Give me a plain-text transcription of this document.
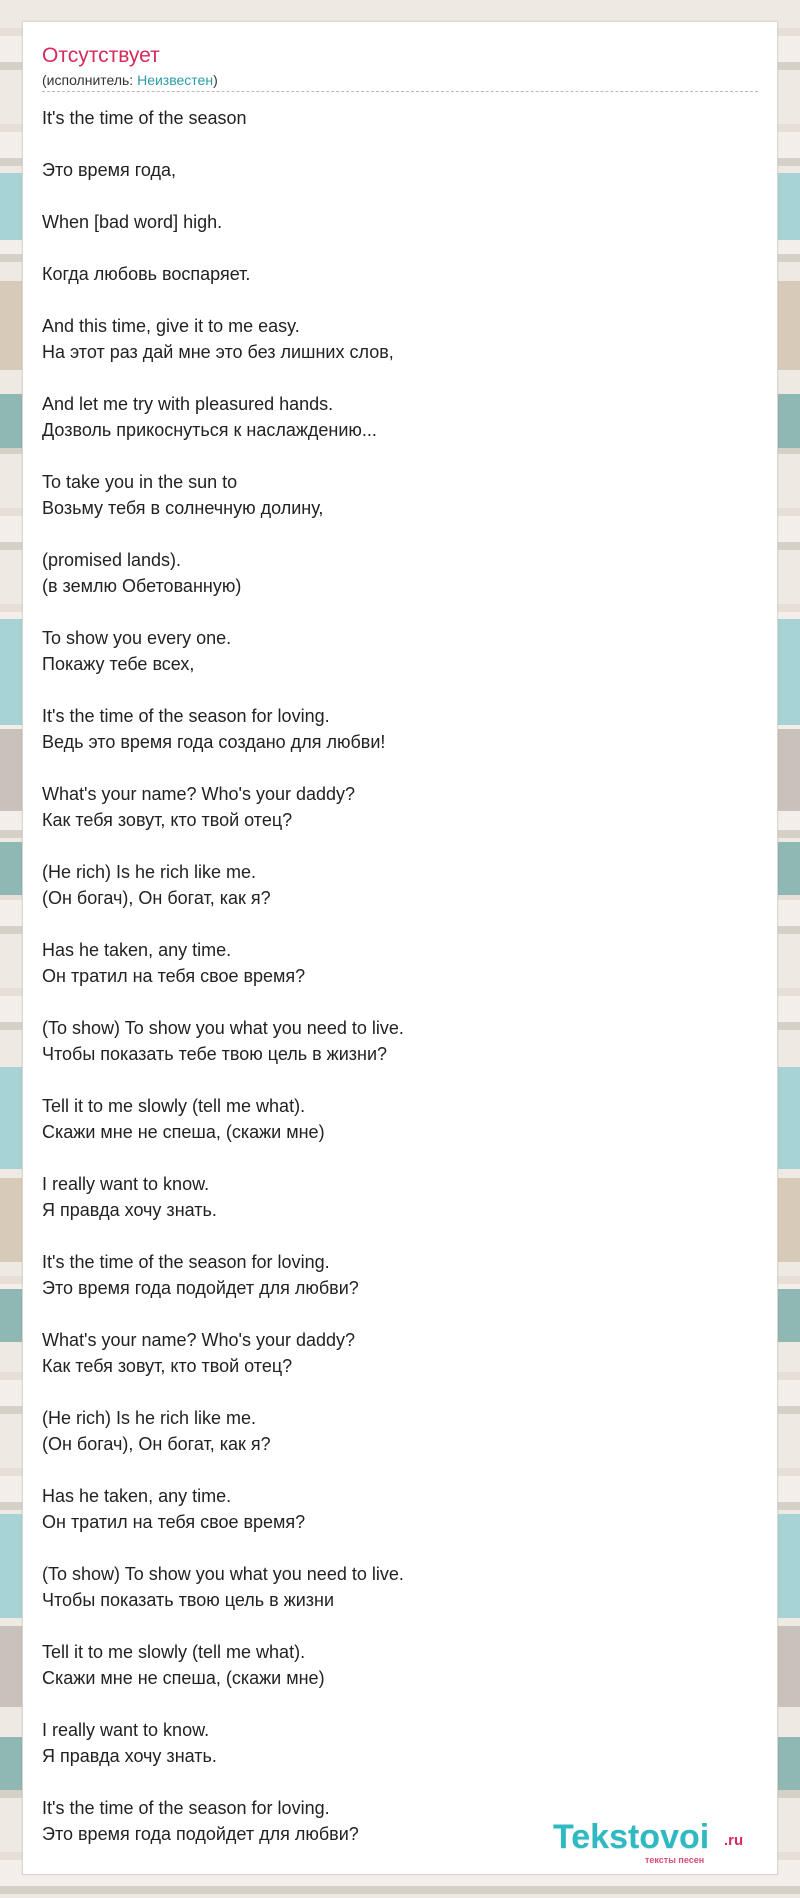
Отсутствует
(исполнитель: Неизвестен)
It's the time of the season
Это время года,
When [bad word] high.
Когда любовь воспаряет.
And this time, give it to me easy.
На этот раз дай мне это без лишних слов,
And let me try with pleasured hands.
Дозволь прикоснуться к наслаждению...
To take you in the sun to
Возьму тебя в солнечную долину,
(promised lands).
(в землю Обетованную)
To show you every one.
Покажу тебе всех,
It's the time of the season for loving.
Ведь это время года создано для любви!
What's your name? Who's your daddy?
Как тебя зовут, кто твой отец?
(He rich) Is he rich like me.
(Он богач), Он богат, как я?
Has he taken, any time.
Он тратил на тебя свое время?
(To show) To show you what you need to live.
Чтобы показать тебе твою цель в жизни?
Tell it to me slowly (tell me what).
Скажи мне не спеша, (скажи мне)
I really want to know.
Я правда хочу знать.
It's the time of the season for loving.
Это время года подойдет для любви?
What's your name? Who's your daddy?
Как тебя зовут, кто твой отец?
(He rich) Is he rich like me.
(Он богач), Он богат, как я?
Has he taken, any time.
Он тратил на тебя свое время?
(To show) To show you what you need to live.
Чтобы показать твою цель в жизни
Tell it to me slowly (tell me what).
Скажи мне не спеша, (скажи мне)
I really want to know.
Я правда хочу знать.
It's the time of the season for loving.
Это время года подойдет для любви?	Tekstovoi .ru
тексты песен
